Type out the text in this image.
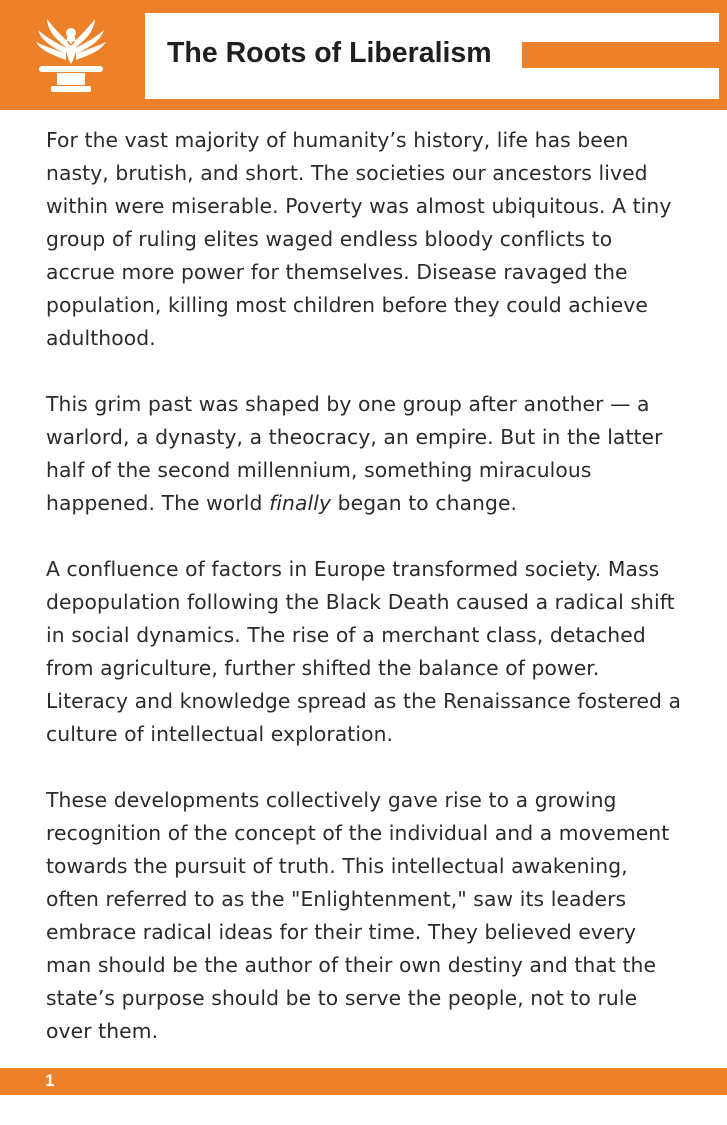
The Roots of Liberalism

For the vast majority of humanity’s history, life has been nasty, brutish, and short. The societies our ancestors lived within were miserable. Poverty was almost ubiquitous. A tiny group of ruling elites waged endless bloody conflicts to accrue more power for themselves. Disease ravaged the population, killing most children before they could achieve adulthood.

This grim past was shaped by one group after another — a warlord, a dynasty, a theocracy, an empire. But in the latter half of the second millennium, something miraculous happened. The world finally began to change.

A confluence of factors in Europe transformed society. Mass depopulation following the Black Death caused a radical shift in social dynamics. The rise of a merchant class, detached from agriculture, further shifted the balance of power. Literacy and knowledge spread as the Renaissance fostered a culture of intellectual exploration.

These developments collectively gave rise to a growing recognition of the concept of the individual and a movement towards the pursuit of truth. This intellectual awakening, often referred to as the "Enlightenment," saw its leaders embrace radical ideas for their time. They believed every man should be the author of their own destiny and that the state’s purpose should be to serve the people, not to rule over them.

1
